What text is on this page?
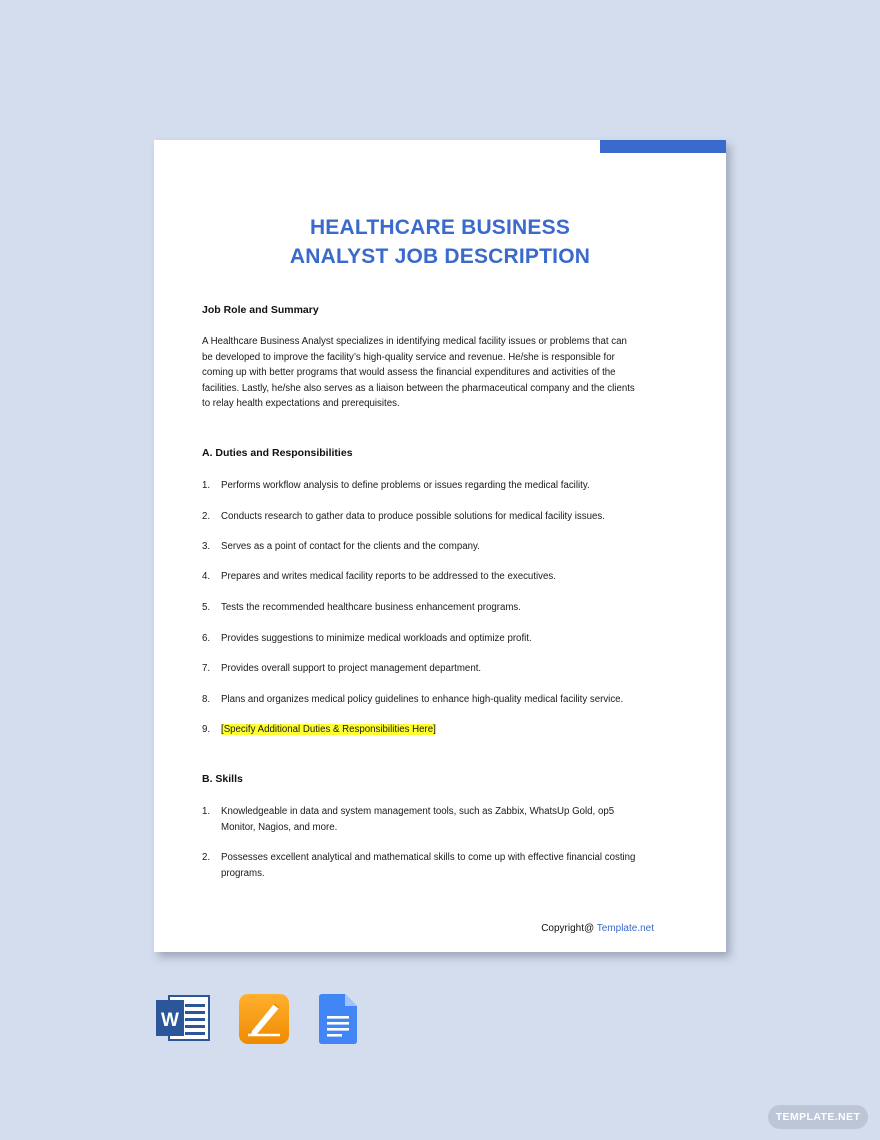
HEALTHCARE BUSINESS
ANALYST JOB DESCRIPTION
Job Role and Summary
A Healthcare Business Analyst specializes in identifying medical facility issues or problems that can
be developed to improve the facility’s high-quality service and revenue. He/she is responsible for
coming up with better programs that would assess the financial expenditures and activities of the
facilities. Lastly, he/she also serves as a liaison between the pharmaceutical company and the clients
to relay health expectations and prerequisites.
A. Duties and Responsibilities
1.	Performs workflow analysis to define problems or issues regarding the medical facility.
2.	Conducts research to gather data to produce possible solutions for medical facility issues.
3.	Serves as a point of contact for the clients and the company.
4.	Prepares and writes medical facility reports to be addressed to the executives.
5.	Tests the recommended healthcare business enhancement programs.
6.	Provides suggestions to minimize medical workloads and optimize profit.
7.	Provides overall support to project management department.
8.	Plans and organizes medical policy guidelines to enhance high-quality medical facility service.
9.	[Specify Additional Duties & Responsibilities Here]
B. Skills
1.	Knowledgeable in data and system management tools, such as Zabbix, WhatsUp Gold, op5
Monitor, Nagios, and more.
2.	Possesses excellent analytical and mathematical skills to come up with effective financial costing
programs.
Copyright@ Template.net
W
TEMPLATE.NET
